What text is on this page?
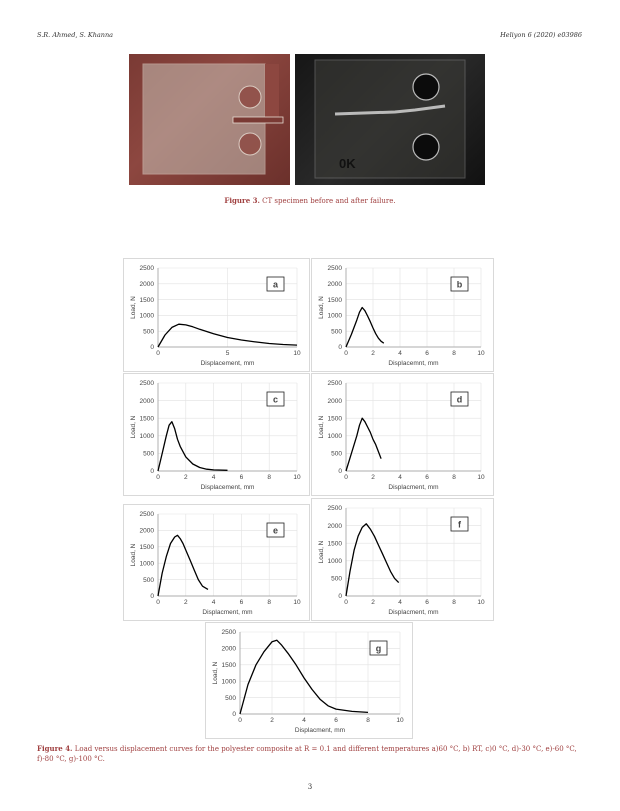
S.R. Ahmed, S. Khanna	Heliyon 6 (2020) e03986
0K
Figure 3. CT specimen before and after failure.
0	5	10
0
500
1000
1500
2000
2500
Displacement, mm
Load, N
a
0	2	4	6	8	10
0
500
1000
1500
2000
2500
Displacemnt, mm
Load, N
b
0	2	4	6	8	10
0
500
1000
1500
2000
2500
Displacement, mm
Load, N
c
0	2	4	6	8	10
0
500
1000
1500
2000
2500
Displacment, mm
Load, N
d
0	2	4	6	8	10
0
500
1000
1500
2000
2500
Displacment, mm
Load, N
e
0	2	4	6	8	10
0
500
1000
1500
2000
2500
Displacment, mm
Load, N
f
0	2	4	6	8	10
0
500
1000
1500
2000
2500
Displacment, mm
Load, N
g
Figure 4. Load versus displacement curves for the polyester composite at R = 0.1 and different temperatures a)60 °C, b) RT, c)0 °C, d)-30 °C, e)-60 °C, f)-80 °C, g)-100 °C.
3
